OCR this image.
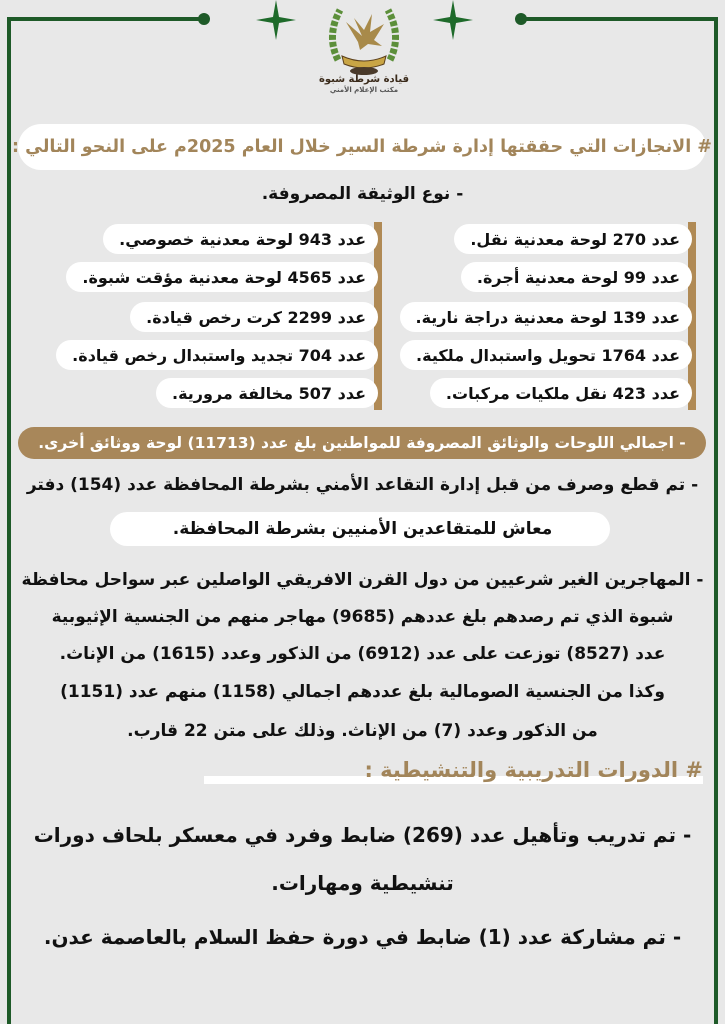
قيادة شرطة شبوة
مكتب الإعلام الأمني
# الانجازات التي حققتها إدارة شرطة السير خلال العام 2025م على النحو التالي :
- نوع الوثيقة المصروفة.
عدد 270 لوحة معدنية نقل.
عدد 99 لوحة معدنية أجرة.
عدد 139 لوحة معدنية دراجة نارية.
عدد 1764 تحويل واستبدال ملكية.
عدد 423 نقل ملكيات مركبات.
عدد 943 لوحة معدنية خصوصي.
عدد 4565 لوحة معدنية مؤقت شبوة.
عدد 2299 كرت رخص قيادة.
عدد 704 تجديد واستبدال رخص قيادة.
عدد 507 مخالفة مرورية.
- اجمالي اللوحات والوثائق المصروفة للمواطنين بلغ عدد (11713) لوحة ووثائق أخرى.
- تم قطع وصرف من قبل إدارة التقاعد الأمني بشرطة المحافظة عدد (154) دفتر
معاش للمتقاعدين الأمنيين بشرطة المحافظة.
- المهاجرين الغير شرعيين من دول القرن الافريقي الواصلين عبر سواحل محافظة
شبوة الذي تم رصدهم بلغ عددهم (9685) مهاجر منهم من الجنسية الإثيوبية
عدد (8527) توزعت على عدد (6912) من الذكور وعدد (1615) من الإناث.
وكذا من الجنسية الصومالية بلغ عددهم اجمالي (1158) منهم عدد (1151)
من الذكور وعدد (7) من الإناث. وذلك على متن 22 قارب.
# الدورات التدريبية والتنشيطية :
- تم تدريب وتأهيل عدد (269) ضابط وفرد في معسكر بلحاف دورات
تنشيطية ومهارات.
- تم مشاركة عدد (1) ضابط في دورة حفظ السلام بالعاصمة عدن.
